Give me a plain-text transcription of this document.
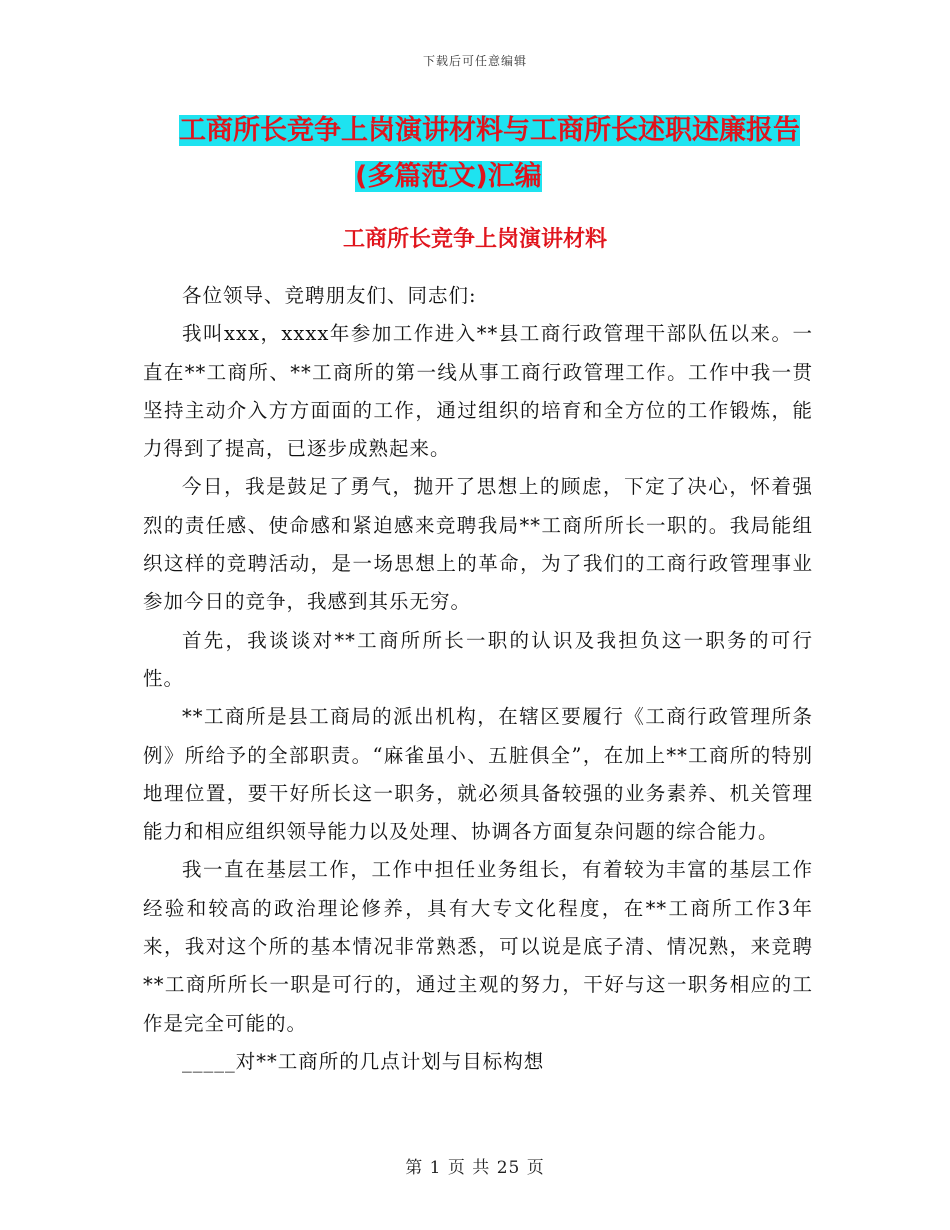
下载后可任意编辑
工商所长竞争上岗演讲材料与工商所长述职述廉报告
(多篇范文)汇编
工商所长竞争上岗演讲材料

各位领导、竞聘朋友们、同志们:

我叫xxx，xxxx年参加工作进入**县工商行政管理干部队伍以来。一直在**工商所、**工商所的第一线从事工商行政管理工作。工作中我一贯坚持主动介入方方面面的工作，通过组织的培育和全方位的工作锻炼，能力得到了提高，已逐步成熟起来。

今日，我是鼓足了勇气，抛开了思想上的顾虑，下定了决心，怀着强烈的责任感、使命感和紧迫感来竞聘我局**工商所所长一职的。我局能组织这样的竞聘活动，是一场思想上的革命，为了我们的工商行政管理事业参加今日的竞争，我感到其乐无穷。

首先，我谈谈对**工商所所长一职的认识及我担负这一职务的可行性。

**工商所是县工商局的派出机构，在辖区要履行《工商行政管理所条例》所给予的全部职责。“麻雀虽小、五脏俱全”，在加上**工商所的特别地理位置，要干好所长这一职务，就必须具备较强的业务素养、机关管理能力和相应组织领导能力以及处理、协调各方面复杂问题的综合能力。

我一直在基层工作，工作中担任业务组长，有着较为丰富的基层工作经验和较高的政治理论修养，具有大专文化程度，在**工商所工作3年来，我对这个所的基本情况非常熟悉，可以说是底子清、情况熟，来竞聘**工商所所长一职是可行的，通过主观的努力，干好与这一职务相应的工作是完全可能的。

_____对**工商所的几点计划与目标构想

第 1 页 共 25 页
